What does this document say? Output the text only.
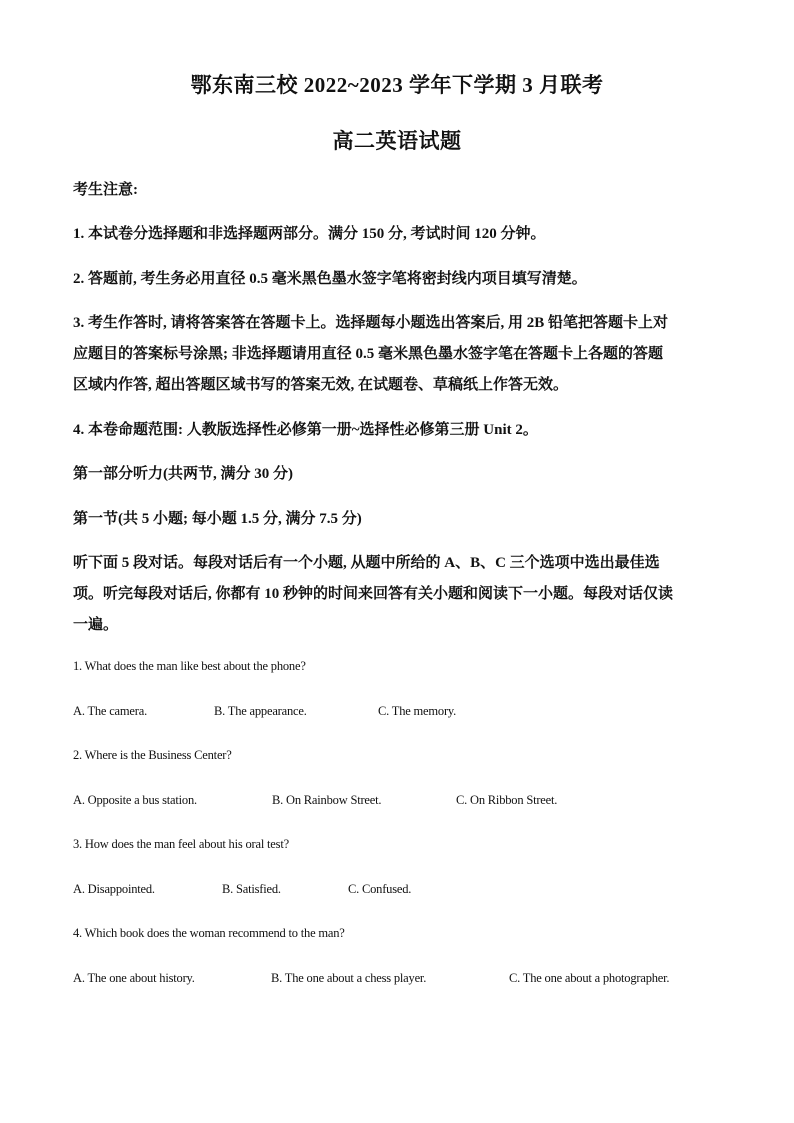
鄂东南三校 2022~2023 学年下学期 3 月联考
高二英语试题
考生注意:
1. 本试卷分选择题和非选择题两部分。满分 150 分, 考试时间 120 分钟。
2. 答题前, 考生务必用直径 0.5 毫米黑色墨水签字笔将密封线内项目填写清楚。
3. 考生作答时, 请将答案答在答题卡上。选择题每小题选出答案后, 用 2B 铅笔把答题卡上对
应题目的答案标号涂黑; 非选择题请用直径 0.5 毫米黑色墨水签字笔在答题卡上各题的答题
区域内作答, 超出答题区域书写的答案无效, 在试题卷、草稿纸上作答无效。
4. 本卷命题范围: 人教版选择性必修第一册~选择性必修第三册 Unit 2。
第一部分听力(共两节, 满分 30 分)
第一节(共 5 小题; 每小题 1.5 分, 满分 7.5 分)
听下面 5 段对话。每段对话后有一个小题, 从题中所给的 A、B、C 三个选项中选出最佳选
项。听完每段对话后, 你都有 10 秒钟的时间来回答有关小题和阅读下一小题。每段对话仅读
一遍。
1. What does the man like best about the phone?
A. The camera.	B. The appearance.	C. The memory.
2. Where is the Business Center?
A. Opposite a bus station.	B. On Rainbow Street.	C. On Ribbon Street.
3. How does the man feel about his oral test?
A. Disappointed.	B. Satisfied.	C. Confused.
4. Which book does the woman recommend to the man?
A. The one about history.	B. The one about a chess player.	C. The one about a photographer.
